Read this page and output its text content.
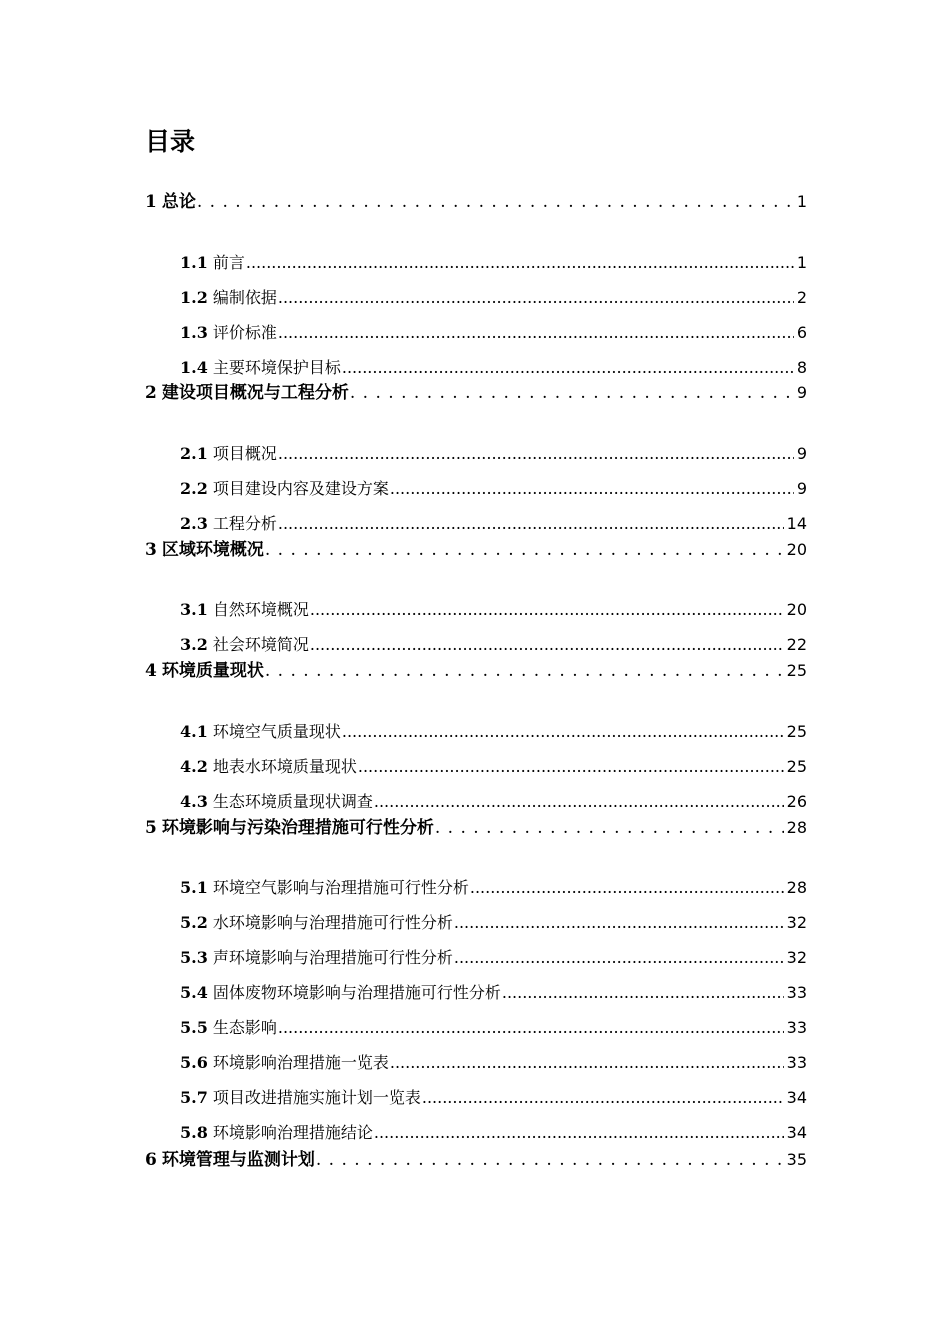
目录
1 总论 . . .	1
1.1 前言 .....	1
1.2 编制依据 .....	2
1.3 评价标准 .....	6
1.4 主要环境保护目标 .....	8
2 建设项目概况与工程分析 . . .	9
2.1 项目概况 .....	9
2.2 项目建设内容及建设方案 .....	9
2.3 工程分析 .....	14
3 区域环境概况 . . .	20
3.1 自然环境概况 .....	20
3.2 社会环境简况 .....	22
4 环境质量现状 . . .	25
4.1 环境空气质量现状 .....	25
4.2 地表水环境质量现状 .....	25
4.3 生态环境质量现状调查 .....	26
5 环境影响与污染治理措施可行性分析 . . .	28
5.1 环境空气影响与治理措施可行性分析 .....	28
5.2 水环境影响与治理措施可行性分析 .....	32
5.3 声环境影响与治理措施可行性分析 .....	32
5.4 固体废物环境影响与治理措施可行性分析 .....	33
5.5 生态影响 .....	33
5.6 环境影响治理措施一览表 .....	33
5.7 项目改进措施实施计划一览表 .....	34
5.8 环境影响治理措施结论 .....	34
6 环境管理与监测计划 . . .	35
